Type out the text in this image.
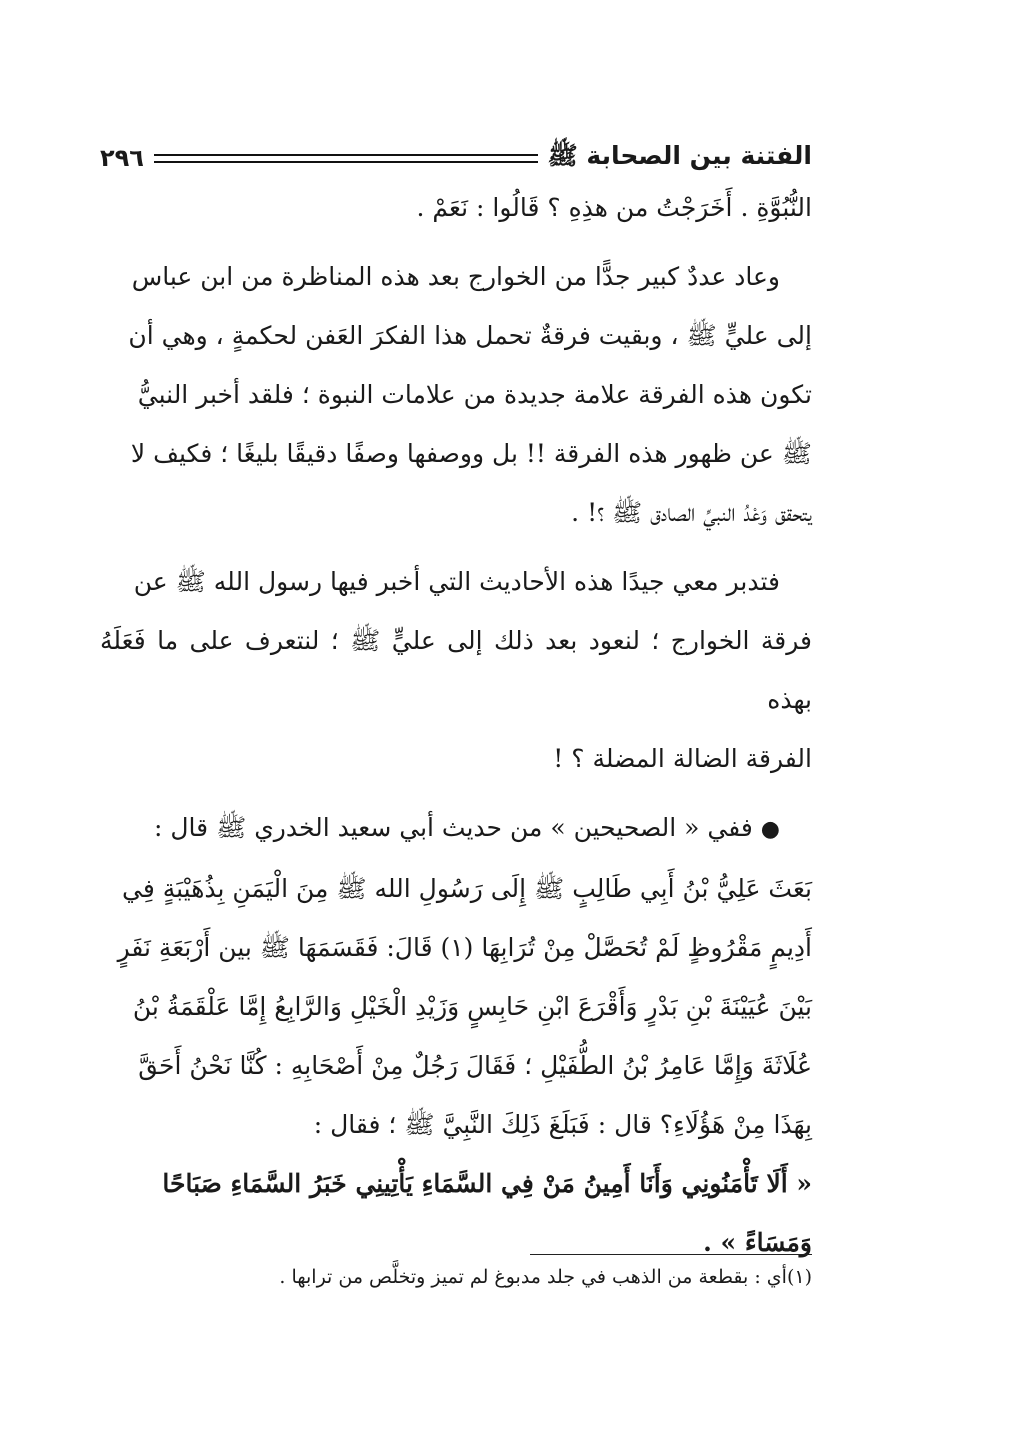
الفتنة بين الصحابة ﷺ
٢٩٦

النُّبُوَّةِ . أَخَرَجْتُ من هذِهِ ؟ قَالُوا : نَعَمْ .

وعاد عددٌ كبير جدًّا من الخوارج بعد هذه المناظرة من ابن عباس
إلى عليٍّ ﷺ ، وبقيت فرقةٌ تحمل هذا الفكرَ العَفن لحكمةٍ ، وهي أن
تكون هذه الفرقة علامة جديدة من علامات النبوة ؛ فلقد أخبر النبيُّ
ﷺ عن ظهور هذه الفرقة !! بل ووصفها وصفًا دقيقًا بليغًا ؛ فكيف لا
يتحقق وَعْدُ النبيِّ الصادق ﷺ ؟! .

فتدبر معي جيدًا هذه الأحاديث التي أخبر فيها رسول الله ﷺ عن
فرقة الخوارج ؛ لنعود بعد ذلك إلى عليٍّ ﷺ ؛ لنتعرف على ما فَعَلَهُ بهذه
الفرقة الضالة المضلة ؟ !

● ففي « الصحيحين » من حديث أبي سعيد الخدري ﷺ قال :
بَعَثَ عَلِيُّ بْنُ أَبِي طَالِبٍ ﷺ إِلَى رَسُولِ الله ﷺ مِنَ الْيَمَنِ بِذُهَيْبَةٍ فِي
أَدِيمٍ مَقْرُوظٍ لَمْ تُحَصَّلْ مِنْ تُرَابِهَا (١) قَالَ: فَقَسَمَهَا ﷺ بين أَرْبَعَةِ نَفَرٍ
بَيْنَ عُيَيْنَةَ بْنِ بَدْرٍ وَأَقْرَعَ ابْنِ حَابِسٍ وَزَيْدِ الْخَيْلِ وَالرَّابِعُ إِمَّا عَلْقَمَةُ بْنُ
عُلَاثَةَ وَإِمَّا عَامِرُ بْنُ الطُّفَيْلِ ؛ فَقَالَ رَجُلٌ مِنْ أَصْحَابِهِ : كُنَّا نَحْنُ أَحَقَّ
بِهَذَا مِنْ هَؤُلَاءِ؟ قال : فَبَلَغَ ذَلِكَ النَّبِيَّ ﷺ ؛ فقال :

« أَلَا تَأْمَنُونِي وَأَنَا أَمِينُ مَنْ فِي السَّمَاءِ يَأْتِينِي خَبَرُ السَّمَاءِ صَبَاحًا
وَمَسَاءً » .

(١)أي : بقطعة من الذهب في جلد مدبوغ لم تميز وتخلَّص من ترابها .
